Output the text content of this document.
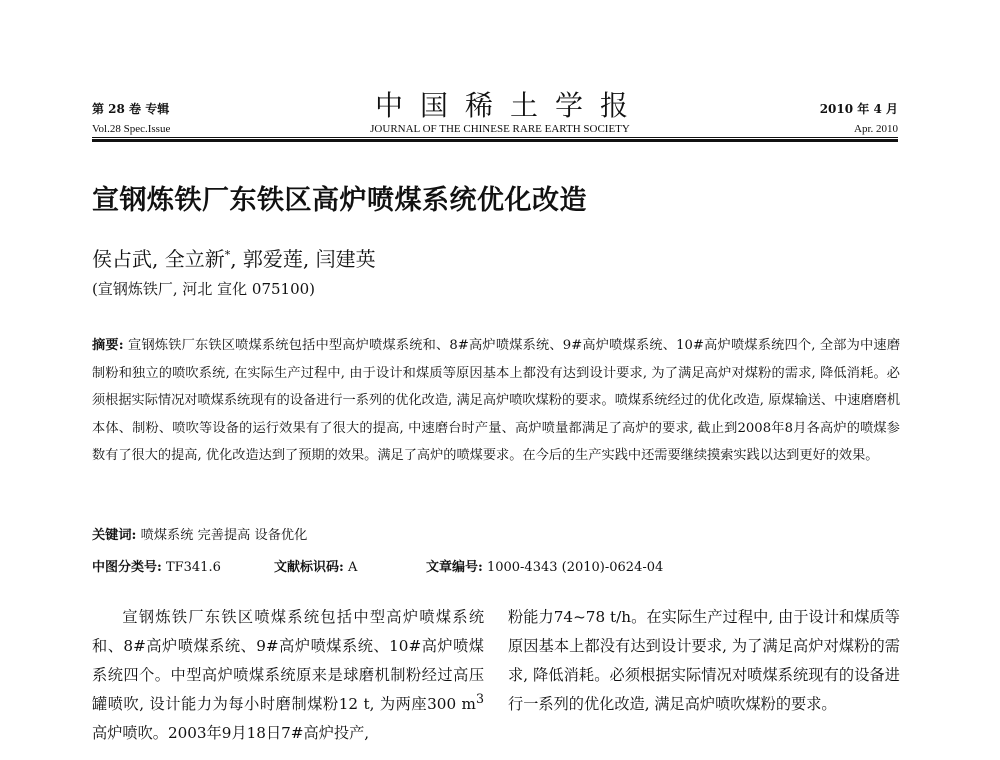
第 28 卷 专辑
Vol.28 Spec.Issue
中国稀土学报
JOURNAL OF THE CHINESE RARE EARTH SOCIETY
2010 年 4 月
Apr. 2010
宣钢炼铁厂东铁区高炉喷煤系统优化改造
侯占武, 全立新*, 郭爱莲, 闫建英
(宣钢炼铁厂, 河北 宣化 075100)
摘要: 宣钢炼铁厂东铁区喷煤系统包括中型高炉喷煤系统和、8#高炉喷煤系统、9#高炉喷煤系统、10#高炉喷煤系统四个, 全部为中速磨制粉和独立的喷吹系统, 在实际生产过程中, 由于设计和煤质等原因基本上都没有达到设计要求, 为了满足高炉对煤粉的需求, 降低消耗。必须根据实际情况对喷煤系统现有的设备进行一系列的优化改造, 满足高炉喷吹煤粉的要求。喷煤系统经过的优化改造, 原煤输送、中速磨磨机本体、制粉、喷吹等设备的运行效果有了很大的提高, 中速磨台时产量、高炉喷量都满足了高炉的要求, 截止到2008年8月各高炉的喷煤参数有了很大的提高, 优化改造达到了预期的效果。满足了高炉的喷煤要求。在今后的生产实践中还需要继续摸索实践以达到更好的效果。
关键词: 喷煤系统 完善提高 设备优化
中图分类号: TF341.6	文献标识码: A	文章编号: 1000-4343 (2010)-0624-04
宣钢炼铁厂东铁区喷煤系统包括中型高炉喷煤系统和、8#高炉喷煤系统、9#高炉喷煤系统、10#高炉喷煤系统四个。中型高炉喷煤系统原来是球磨机制粉经过高压罐喷吹, 设计能力为每小时磨制煤粉12 t, 为两座300 $m^3$高炉喷吹。2003年9月18日7#高炉投产,
粉能力74~78 t/h。在实际生产过程中, 由于设计和煤质等原因基本上都没有达到设计要求, 为了满足高炉对煤粉的需求, 降低消耗。必须根据实际情况对喷煤系统现有的设备进行一系列的优化改造, 满足高炉喷吹煤粉的要求。
